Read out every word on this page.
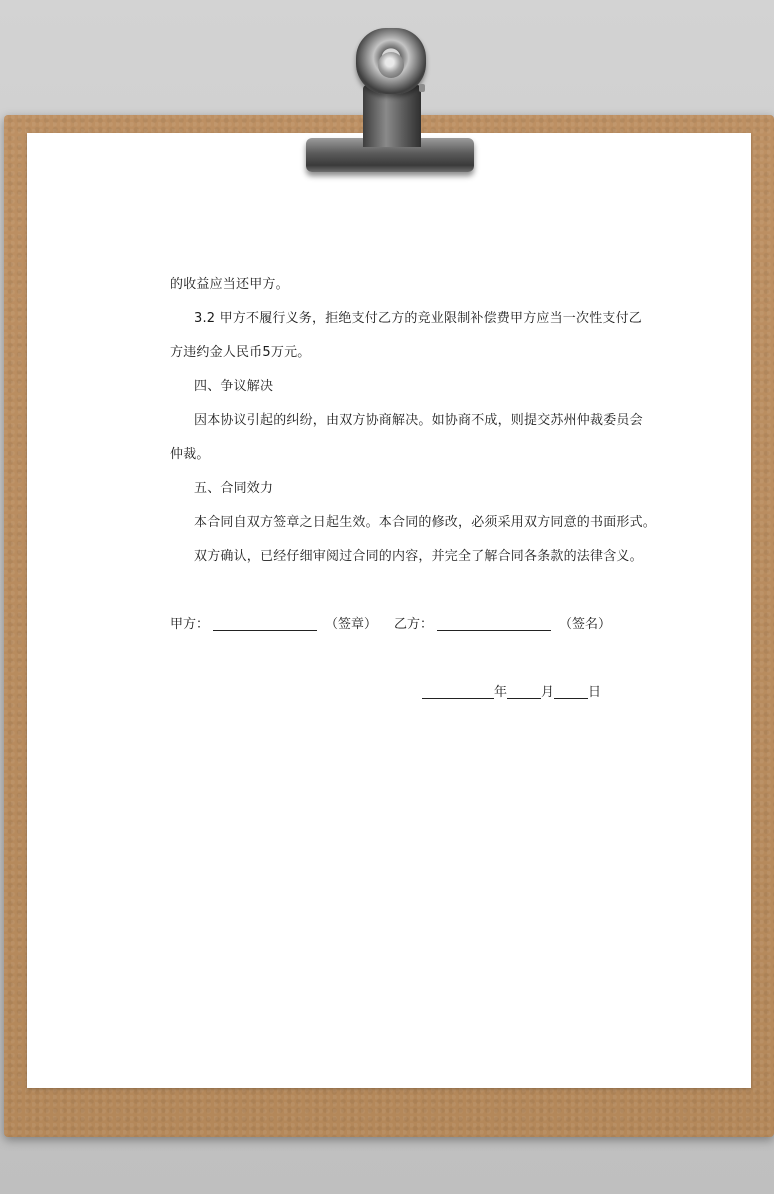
的收益应当还甲方。
3.2 甲方不履行义务，拒绝支付乙方的竞业限制补偿费甲方应当一次性支付乙
方违约金人民币5万元。
四、争议解决
因本协议引起的纠纷，由双方协商解决。如协商不成，则提交苏州仲裁委员会
仲裁。
五、合同效力
本合同自双方签章之日起生效。本合同的修改，必须采用双方同意的书面形式。
双方确认，已经仔细审阅过合同的内容，并完全了解合同各条款的法律含义。
甲方：	（签章） 乙方：	（签名）
年	月	日
